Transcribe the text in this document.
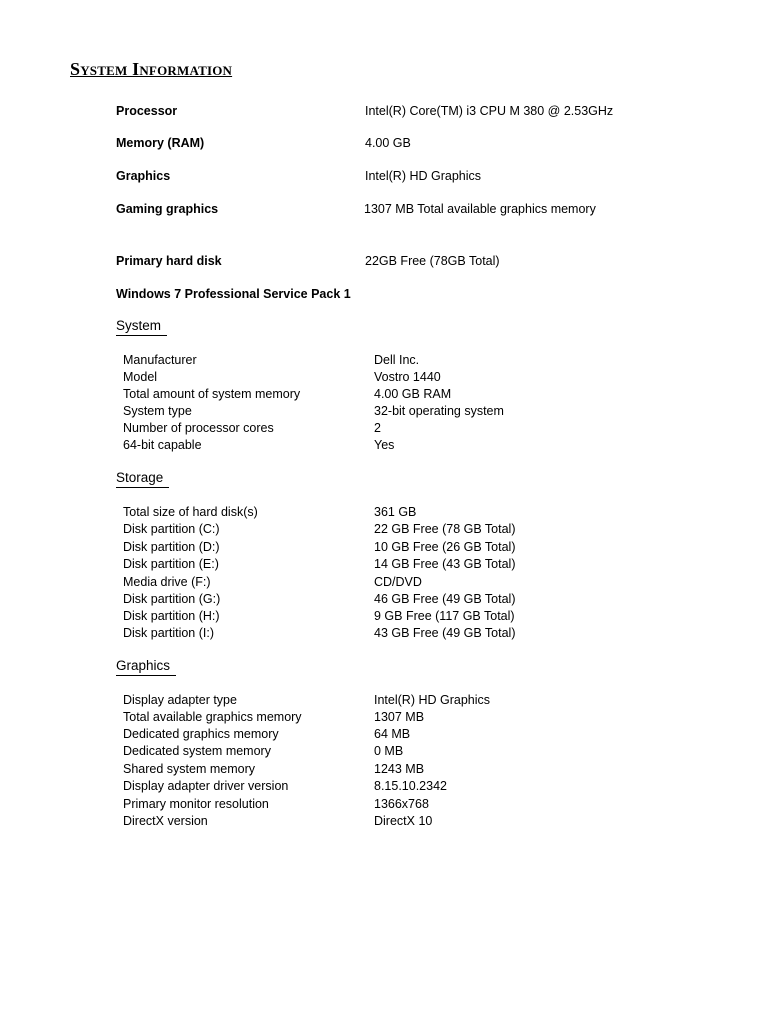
System Information
Processor	Intel(R) Core(TM) i3 CPU M 380 @ 2.53GHz
Memory (RAM)	4.00 GB
Graphics	Intel(R) HD Graphics
Gaming graphics	1307 MB Total available graphics memory
Primary hard disk	22GB Free (78GB Total)
Windows 7 Professional Service Pack 1
System
Manufacturer	Dell Inc.
Model	Vostro 1440
Total amount of system memory	4.00 GB RAM
System type	32-bit operating system
Number of processor cores	2
64-bit capable	Yes
Storage
Total size of hard disk(s)	361 GB
Disk partition (C:)	22 GB Free (78 GB Total)
Disk partition (D:)	10 GB Free (26 GB Total)
Disk partition (E:)	14 GB Free (43 GB Total)
Media drive (F:)	CD/DVD
Disk partition (G:)	46 GB Free (49 GB Total)
Disk partition (H:)	9 GB Free (117 GB Total)
Disk partition (I:)	43 GB Free (49 GB Total)
Graphics
Display adapter type	Intel(R) HD Graphics
Total available graphics memory	1307 MB
Dedicated graphics memory	64 MB
Dedicated system memory	0 MB
Shared system memory	1243 MB
Display adapter driver version	8.15.10.2342
Primary monitor resolution	1366x768
DirectX version	DirectX 10
